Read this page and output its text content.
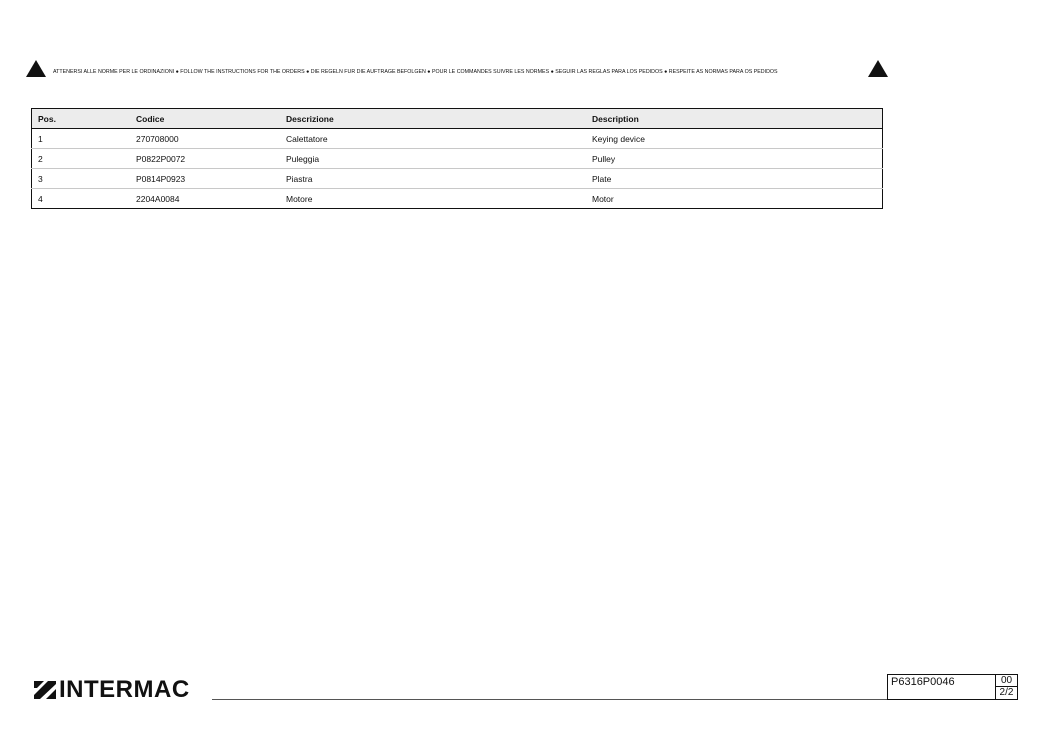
ATTENERSI ALLE NORME PER LE ORDINAZIONI ● FOLLOW THE INSTRUCTIONS FOR THE ORDERS ● DIE REGELN FUR DIE AUFTRAGE BEFOLGEN ● POUR LE COMMANDES SUIVRE LES NORMES ● SEGUIR LAS REGLAS PARA LOS PEDIDOS ● RESPEITE AS NORMAS PARA OS PEDIDOS
Pos.	Codice	Descrizione	Description
1	270708000	Calettatore	Keying device
2	P0822P0072	Puleggia	Pulley
3	P0814P0923	Piastra	Plate
4	2204A0084	Motore	Motor
INTERMAC	P6316P0046	00
2/2
